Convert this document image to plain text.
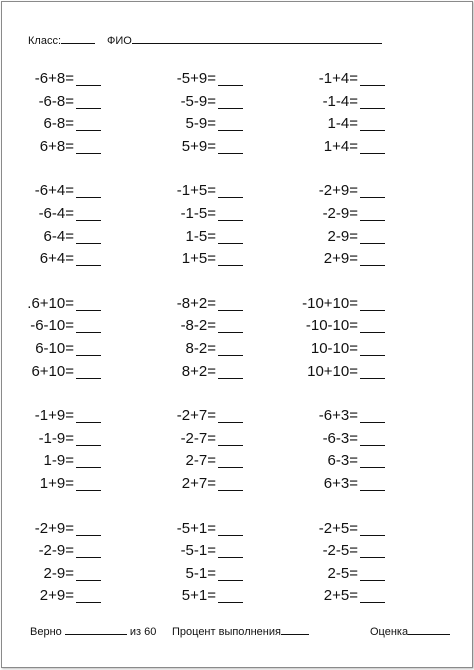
Класс:	ФИО
-6+8=
-6-8=
6-8=
6+8=
-6+4=
-6-4=
6-4=
6+4=
.6+10=
-6-10=
6-10=
6+10=
-1+9=
-1-9=
1-9=
1+9=
-2+9=
-2-9=
2-9=
2+9=
-5+9=
-5-9=
5-9=
5+9=
-1+5=
-1-5=
1-5=
1+5=
-8+2=
-8-2=
8-2=
8+2=
-2+7=
-2-7=
2-7=
2+7=
-5+1=
-5-1=
5-1=
5+1=
-1+4=
-1-4=
1-4=
1+4=
-2+9=
-2-9=
2-9=
2+9=
-10+10=
-10-10=
10-10=
10+10=
-6+3=
-6-3=
6-3=
6+3=
-2+5=
-2-5=
2-5=
2+5=
Верно	из 60 Процент выполнения	Оценка
